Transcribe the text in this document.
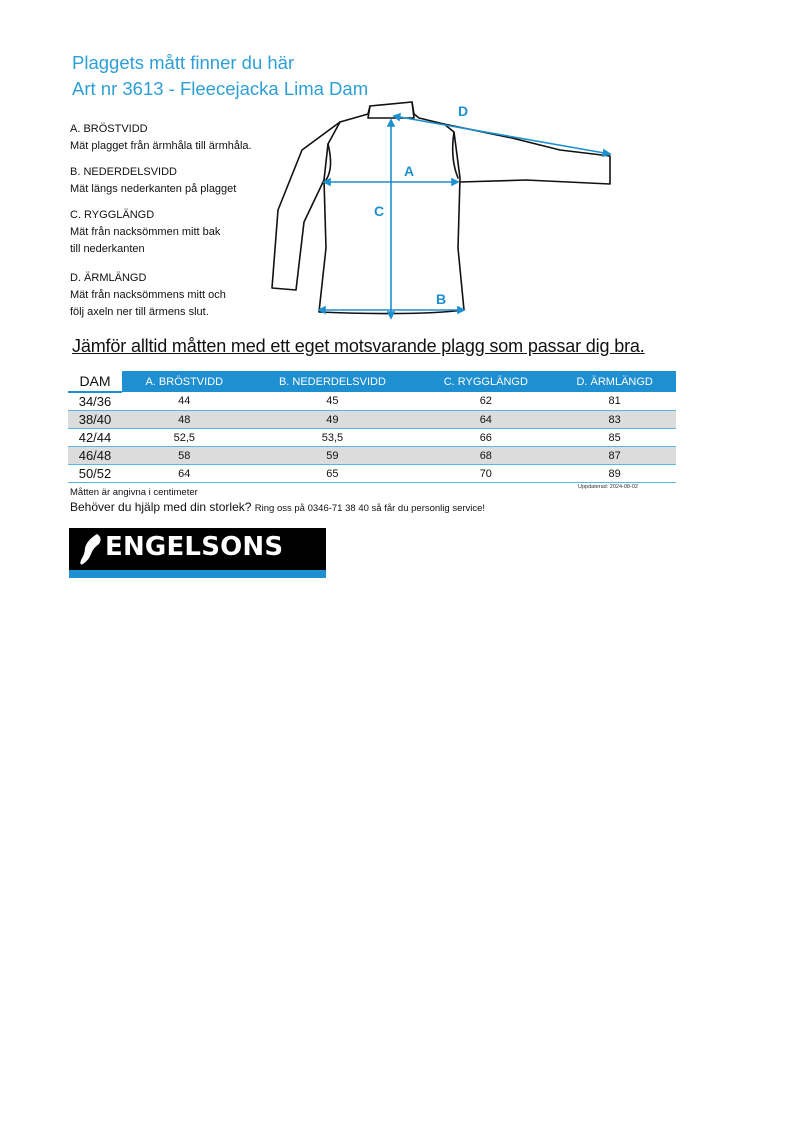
Plaggets mått finner du här
Art nr 3613 - Fleecejacka Lima Dam
A. BRÖSTVIDD
Mät plagget från ärmhåla till ärmhåla.
B. NEDERDELSVIDD
Mät längs nederkanten på plagget
C. RYGGLÄNGD
Mät från nacksömmen mitt bak
till nederkanten
D. ÄRMLÄNGD
Mät från nacksömmens mitt och
följ axeln ner till ärmens slut.
A
C
B
D
Jämför alltid måtten med ett eget motsvarande plagg som passar dig bra.
DAM	A. BRÖSTVIDD	B. NEDERDELSVIDD	C. RYGGLÄNGD	D. ÄRMLÄNGD
34/36	44	45	62	81
38/40	48	49	64	83
42/44	52,5	53,5	66	85
46/48	58	59	68	87
50/52	64	65	70	89
Måtten är angivna i centimeter	Uppdaterad: 2024-08-02
Behöver du hjälp med din storlek? Ring oss på 0346-71 38 40 så får du personlig service!
ENGELSONS
